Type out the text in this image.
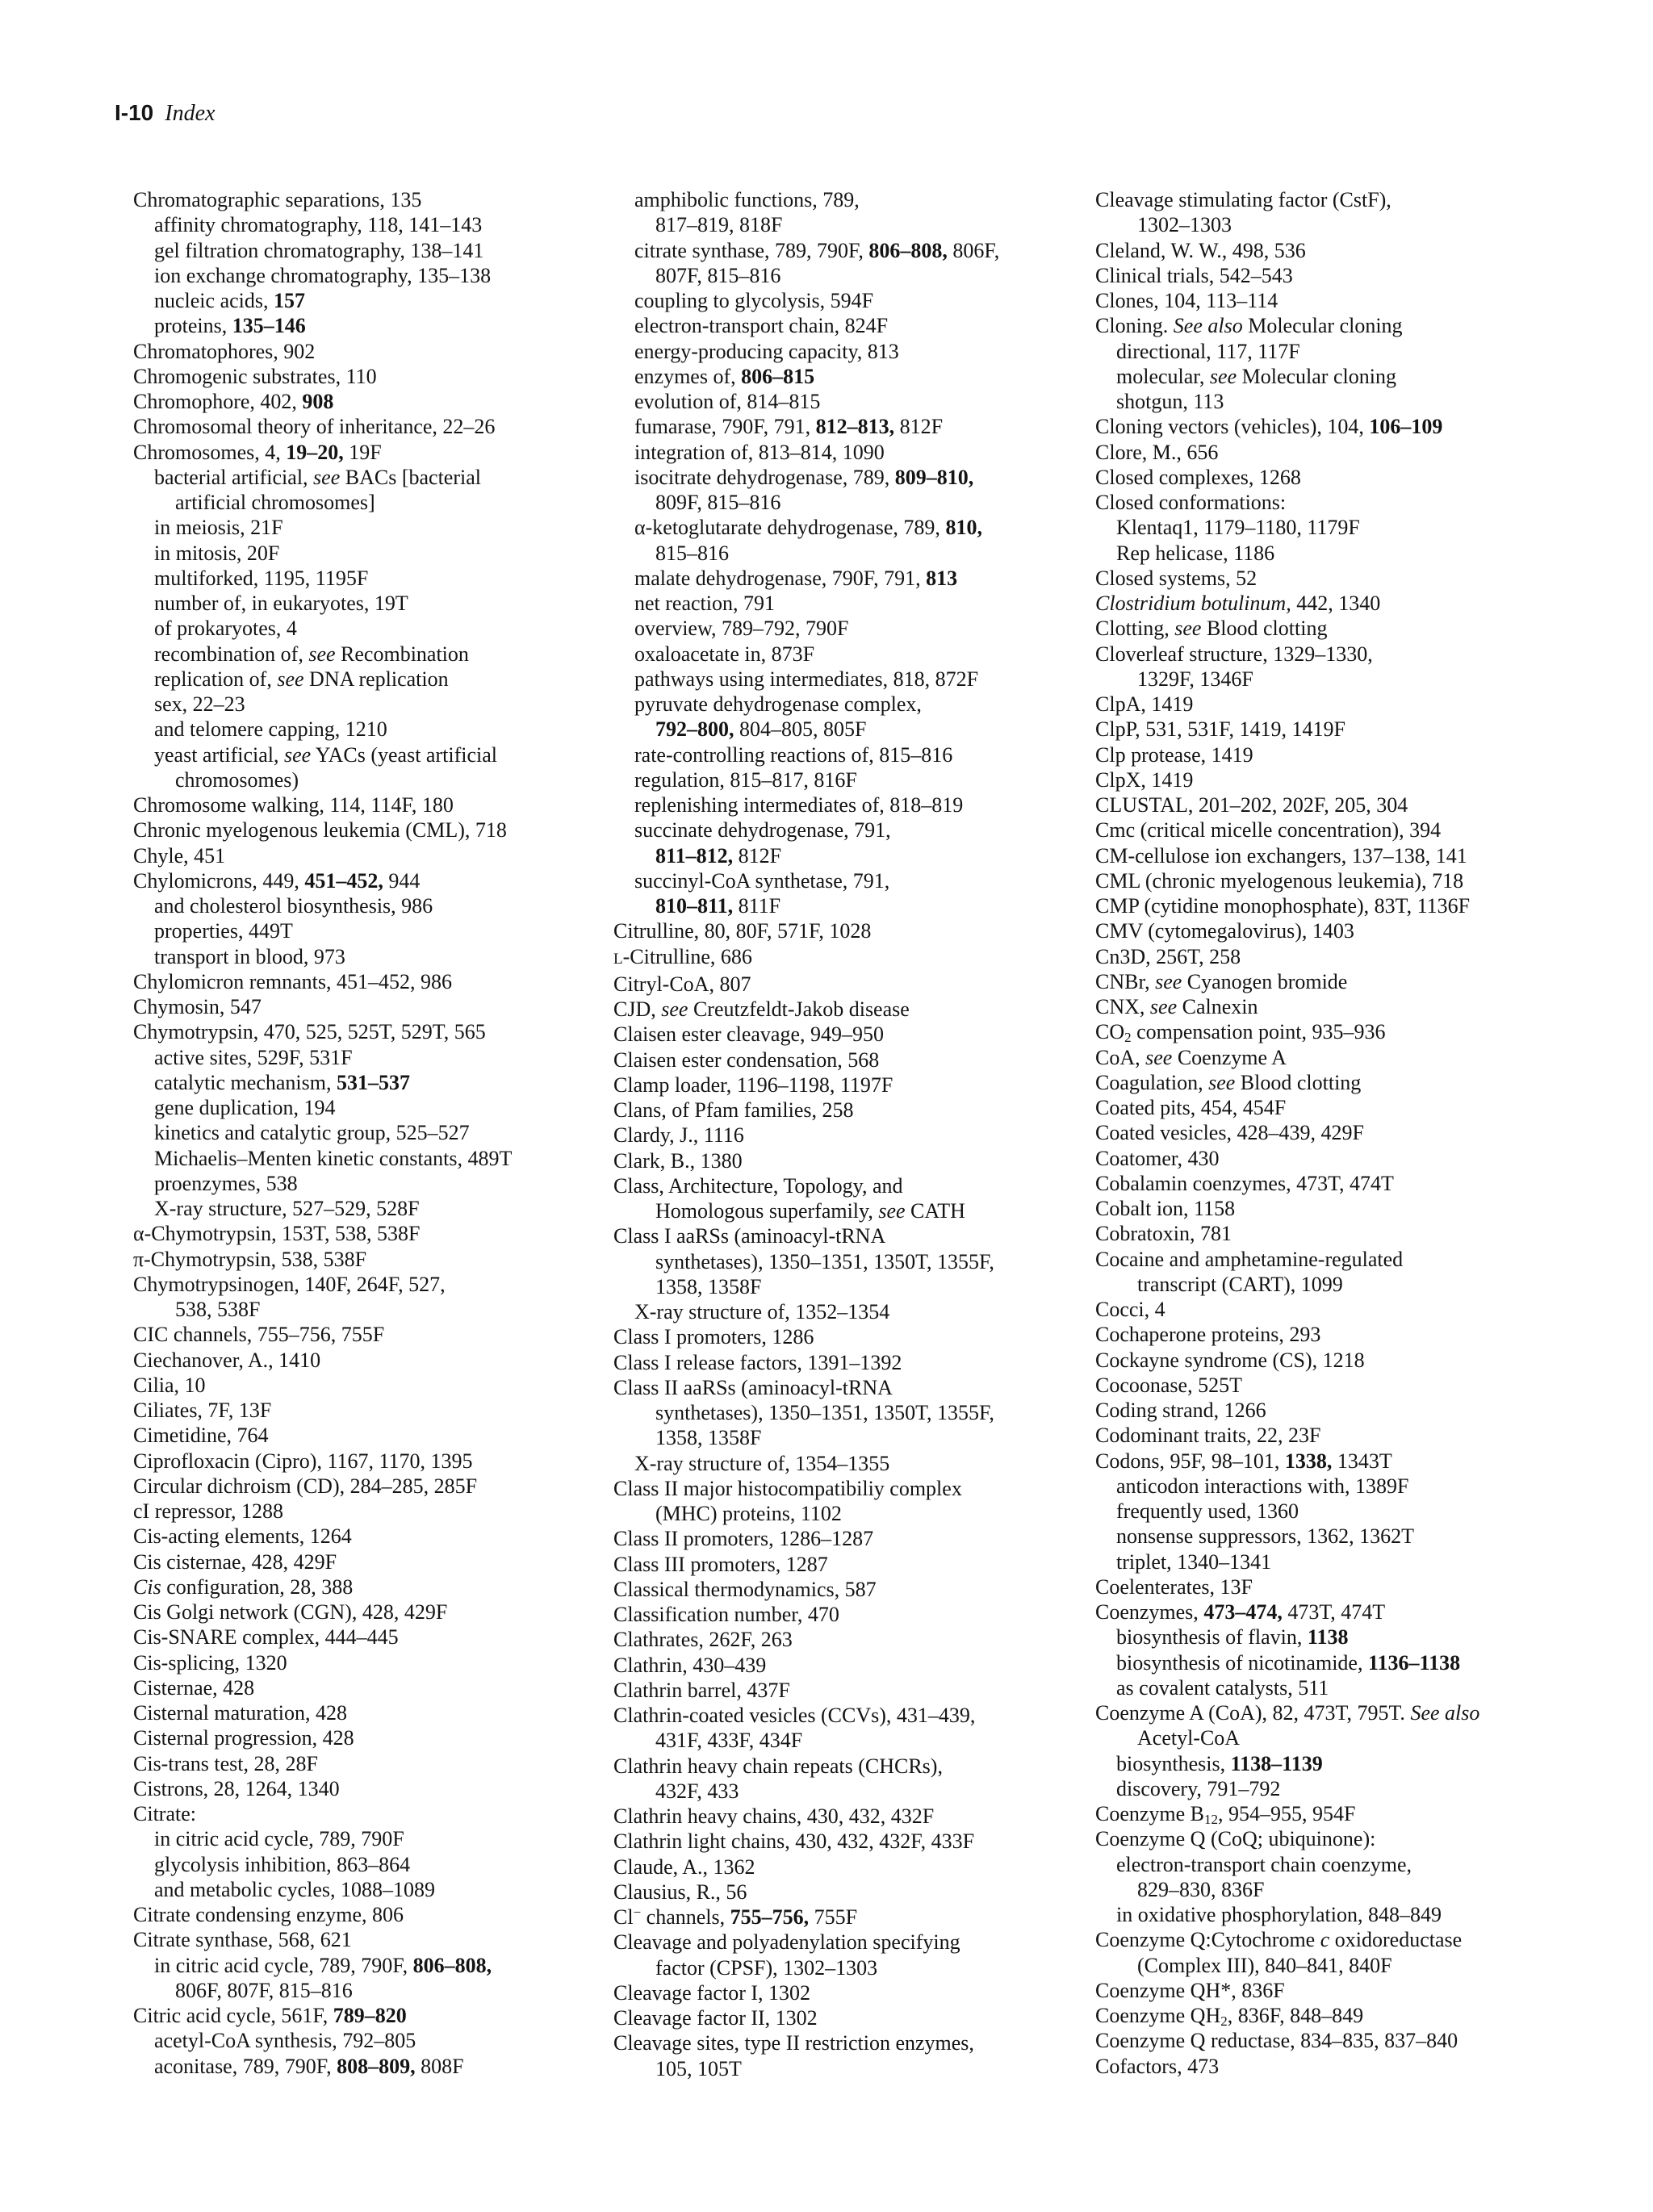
I-10 Index
Chromatographic separations, 135
affinity chromatography, 118, 141–143
gel filtration chromatography, 138–141
ion exchange chromatography, 135–138
nucleic acids, 157
proteins, 135–146
Chromatophores, 902
Chromogenic substrates, 110
Chromophore, 402, 908
Chromosomal theory of inheritance, 22–26
Chromosomes, 4, 19–20, 19F
bacterial artificial, see BACs [bacterial
artificial chromosomes]
in meiosis, 21F
in mitosis, 20F
multiforked, 1195, 1195F
number of, in eukaryotes, 19T
of prokaryotes, 4
recombination of, see Recombination
replication of, see DNA replication
sex, 22–23
and telomere capping, 1210
yeast artificial, see YACs (yeast artificial
chromosomes)
Chromosome walking, 114, 114F, 180
Chronic myelogenous leukemia (CML), 718
Chyle, 451
Chylomicrons, 449, 451–452, 944
and cholesterol biosynthesis, 986
properties, 449T
transport in blood, 973
Chylomicron remnants, 451–452, 986
Chymosin, 547
Chymotrypsin, 470, 525, 525T, 529T, 565
active sites, 529F, 531F
catalytic mechanism, 531–537
gene duplication, 194
kinetics and catalytic group, 525–527
Michaelis–Menten kinetic constants, 489T
proenzymes, 538
X-ray structure, 527–529, 528F
α-Chymotrypsin, 153T, 538, 538F
π-Chymotrypsin, 538, 538F
Chymotrypsinogen, 140F, 264F, 527,
538, 538F
CIC channels, 755–756, 755F
Ciechanover, A., 1410
Cilia, 10
Ciliates, 7F, 13F
Cimetidine, 764
Ciprofloxacin (Cipro), 1167, 1170, 1395
Circular dichroism (CD), 284–285, 285F
cI repressor, 1288
Cis-acting elements, 1264
Cis cisternae, 428, 429F
Cis configuration, 28, 388
Cis Golgi network (CGN), 428, 429F
Cis-SNARE complex, 444–445
Cis-splicing, 1320
Cisternae, 428
Cisternal maturation, 428
Cisternal progression, 428
Cis-trans test, 28, 28F
Cistrons, 28, 1264, 1340
Citrate:
in citric acid cycle, 789, 790F
glycolysis inhibition, 863–864
and metabolic cycles, 1088–1089
Citrate condensing enzyme, 806
Citrate synthase, 568, 621
in citric acid cycle, 789, 790F, 806–808,
806F, 807F, 815–816
Citric acid cycle, 561F, 789–820
acetyl-CoA synthesis, 792–805
aconitase, 789, 790F, 808–809, 808F
amphibolic functions, 789,
817–819, 818F
citrate synthase, 789, 790F, 806–808, 806F,
807F, 815–816
coupling to glycolysis, 594F
electron-transport chain, 824F
energy-producing capacity, 813
enzymes of, 806–815
evolution of, 814–815
fumarase, 790F, 791, 812–813, 812F
integration of, 813–814, 1090
isocitrate dehydrogenase, 789, 809–810,
809F, 815–816
α-ketoglutarate dehydrogenase, 789, 810,
815–816
malate dehydrogenase, 790F, 791, 813
net reaction, 791
overview, 789–792, 790F
oxaloacetate in, 873F
pathways using intermediates, 818, 872F
pyruvate dehydrogenase complex,
792–800, 804–805, 805F
rate-controlling reactions of, 815–816
regulation, 815–817, 816F
replenishing intermediates of, 818–819
succinate dehydrogenase, 791,
811–812, 812F
succinyl-CoA synthetase, 791,
810–811, 811F
Citrulline, 80, 80F, 571F, 1028
L-Citrulline, 686
Citryl-CoA, 807
CJD, see Creutzfeldt-Jakob disease
Claisen ester cleavage, 949–950
Claisen ester condensation, 568
Clamp loader, 1196–1198, 1197F
Clans, of Pfam families, 258
Clardy, J., 1116
Clark, B., 1380
Class, Architecture, Topology, and
Homologous superfamily, see CATH
Class I aaRSs (aminoacyl-tRNA
synthetases), 1350–1351, 1350T, 1355F,
1358, 1358F
X-ray structure of, 1352–1354
Class I promoters, 1286
Class I release factors, 1391–1392
Class II aaRSs (aminoacyl-tRNA
synthetases), 1350–1351, 1350T, 1355F,
1358, 1358F
X-ray structure of, 1354–1355
Class II major histocompatibiliy complex
(MHC) proteins, 1102
Class II promoters, 1286–1287
Class III promoters, 1287
Classical thermodynamics, 587
Classification number, 470
Clathrates, 262F, 263
Clathrin, 430–439
Clathrin barrel, 437F
Clathrin-coated vesicles (CCVs), 431–439,
431F, 433F, 434F
Clathrin heavy chain repeats (CHCRs),
432F, 433
Clathrin heavy chains, 430, 432, 432F
Clathrin light chains, 430, 432, 432F, 433F
Claude, A., 1362
Clausius, R., 56
Cl− channels, 755–756, 755F
Cleavage and polyadenylation specifying
factor (CPSF), 1302–1303
Cleavage factor I, 1302
Cleavage factor II, 1302
Cleavage sites, type II restriction enzymes,
105, 105T
Cleavage stimulating factor (CstF),
1302–1303
Cleland, W. W., 498, 536
Clinical trials, 542–543
Clones, 104, 113–114
Cloning. See also Molecular cloning
directional, 117, 117F
molecular, see Molecular cloning
shotgun, 113
Cloning vectors (vehicles), 104, 106–109
Clore, M., 656
Closed complexes, 1268
Closed conformations:
Klentaq1, 1179–1180, 1179F
Rep helicase, 1186
Closed systems, 52
Clostridium botulinum, 442, 1340
Clotting, see Blood clotting
Cloverleaf structure, 1329–1330,
1329F, 1346F
ClpA, 1419
ClpP, 531, 531F, 1419, 1419F
Clp protease, 1419
ClpX, 1419
CLUSTAL, 201–202, 202F, 205, 304
Cmc (critical micelle concentration), 394
CM-cellulose ion exchangers, 137–138, 141
CML (chronic myelogenous leukemia), 718
CMP (cytidine monophosphate), 83T, 1136F
CMV (cytomegalovirus), 1403
Cn3D, 256T, 258
CNBr, see Cyanogen bromide
CNX, see Calnexin
$CO_2$ compensation point, 935–936
CoA, see Coenzyme A
Coagulation, see Blood clotting
Coated pits, 454, 454F
Coated vesicles, 428–439, 429F
Coatomer, 430
Cobalamin coenzymes, 473T, 474T
Cobalt ion, 1158
Cobratoxin, 781
Cocaine and amphetamine-regulated
transcript (CART), 1099
Cocci, 4
Cochaperone proteins, 293
Cockayne syndrome (CS), 1218
Cocoonase, 525T
Coding strand, 1266
Codominant traits, 22, 23F
Codons, 95F, 98–101, 1338, 1343T
anticodon interactions with, 1389F
frequently used, 1360
nonsense suppressors, 1362, 1362T
triplet, 1340–1341
Coelenterates, 13F
Coenzymes, 473–474, 473T, 474T
biosynthesis of flavin, 1138
biosynthesis of nicotinamide, 1136–1138
as covalent catalysts, 511
Coenzyme A (CoA), 82, 473T, 795T. See also
Acetyl-CoA
biosynthesis, 1138–1139
discovery, 791–792
Coenzyme $B_{12}$, 954–955, 954F
Coenzyme Q (CoQ; ubiquinone):
electron-transport chain coenzyme,
829–830, 836F
in oxidative phosphorylation, 848–849
Coenzyme Q:Cytochrome c oxidoreductase
(Complex III), 840–841, 840F
Coenzyme QH*, 836F
Coenzyme $QH_2$, 836F, 848–849
Coenzyme Q reductase, 834–835, 837–840
Cofactors, 473
